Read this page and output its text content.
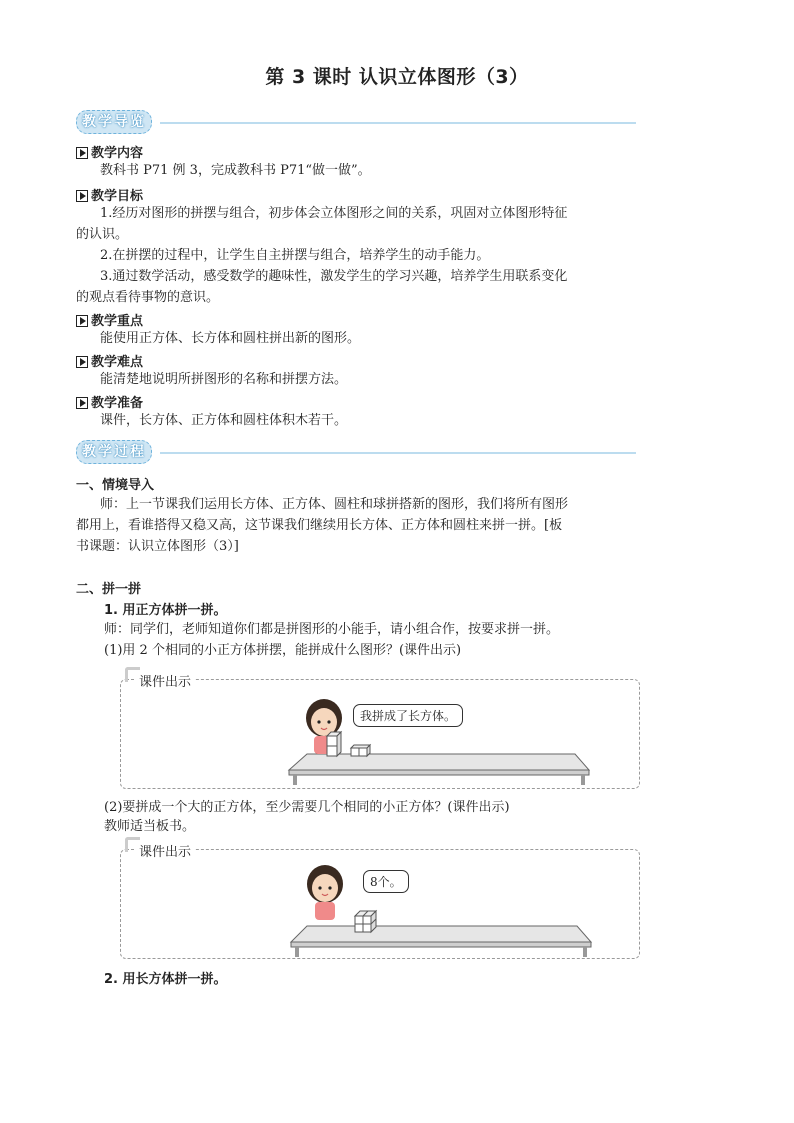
第 3 课时 认识立体图形（3）
教学导览
教学内容
教科书 P71 例 3，完成教科书 P71“做一做”。
教学目标
1.经历对图形的拼摆与组合，初步体会立体图形之间的关系，巩固对立体图形特征
的认识。
2.在拼摆的过程中，让学生自主拼摆与组合，培养学生的动手能力。
3.通过数学活动，感受数学的趣味性，激发学生的学习兴趣，培养学生用联系变化
的观点看待事物的意识。
教学重点
能使用正方体、长方体和圆柱拼出新的图形。
教学难点
能清楚地说明所拼图形的名称和拼摆方法。
教学准备
课件，长方体、正方体和圆柱体积木若干。
教学过程
一、情境导入
师：上一节课我们运用长方体、正方体、圆柱和球拼搭新的图形，我们将所有图形
都用上，看谁搭得又稳又高，这节课我们继续用长方体、正方体和圆柱来拼一拼。[板
书课题：认识立体图形（3）]
二、拼一拼
1. 用正方体拼一拼。
师：同学们，老师知道你们都是拼图形的小能手，请小组合作，按要求拼一拼。
(1)用 2 个相同的小正方体拼摆，能拼成什么图形？(课件出示)
课件出示
我拼成了长方体。
(2)要拼成一个大的正方体，至少需要几个相同的小正方体？(课件出示)
教师适当板书。
课件出示
8个。
2. 用长方体拼一拼。
